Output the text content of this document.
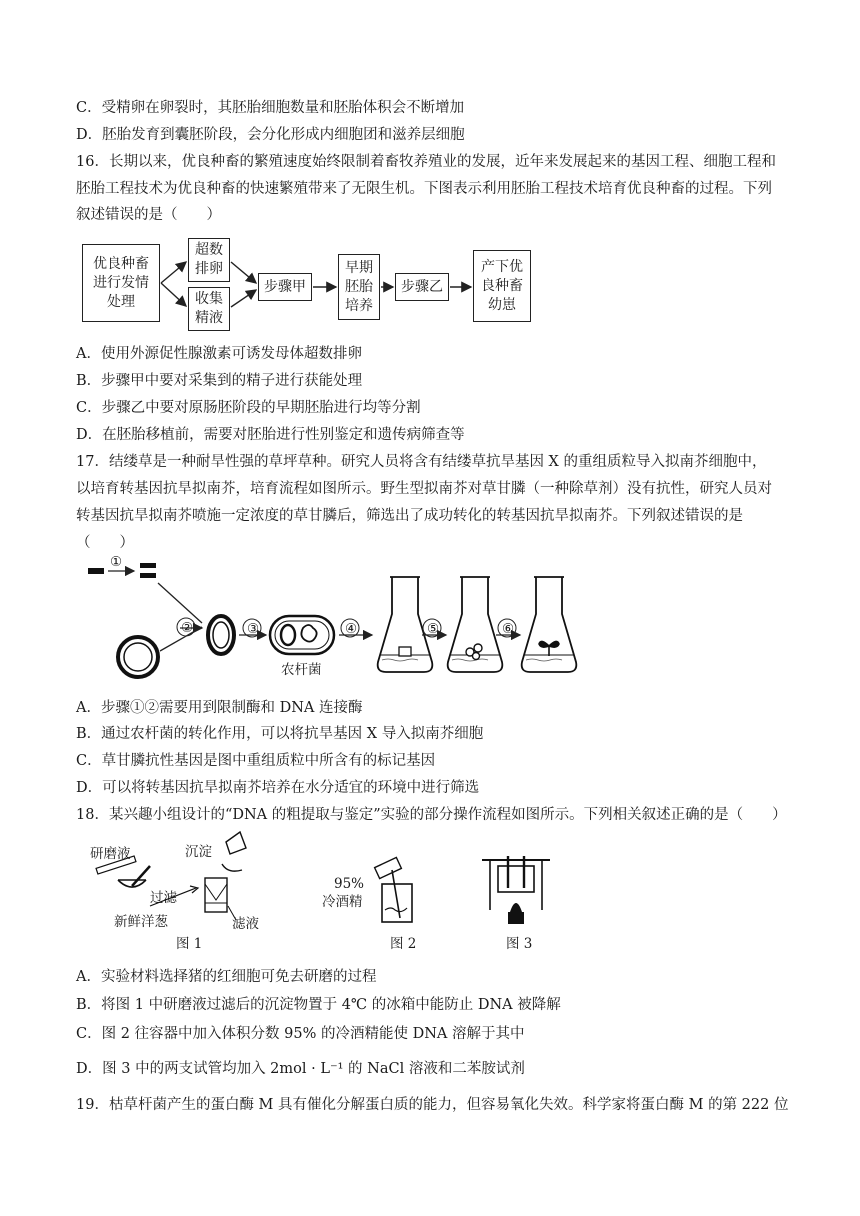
C．受精卵在卵裂时，其胚胎细胞数量和胚胎体积会不断增加
D．胚胎发育到囊胚阶段，会分化形成内细胞团和滋养层细胞
16．长期以来，优良种畜的繁殖速度始终限制着畜牧养殖业的发展，近年来发展起来的基因工程、细胞工程和
胚胎工程技术为优良种畜的快速繁殖带来了无限生机。下图表示利用胚胎工程技术培育优良种畜的过程。下列
叙述错误的是（　　）
优良种畜
进行发情
处理
超数
排卵
收集
精液
步骤甲
早期
胚胎
培养
步骤乙
产下优
良种畜
幼崽
A．使用外源促性腺激素可诱发母体超数排卵
B．步骤甲中要对采集到的精子进行获能处理
C．步骤乙中要对原肠胚阶段的早期胚胎进行均等分割
D．在胚胎移植前，需要对胚胎进行性别鉴定和遗传病筛查等
17．结缕草是一种耐旱性强的草坪草种。研究人员将含有结缕草抗旱基因 X 的重组质粒导入拟南芥细胞中，
以培育转基因抗旱拟南芥，培育流程如图所示。野生型拟南芥对草甘膦（一种除草剂）没有抗性，研究人员对
转基因抗旱拟南芥喷施一定浓度的草甘膦后，筛选出了成功转化的转基因抗旱拟南芥。下列叙述错误的是
（　　）
①
②	③
农杆菌
④	⑤	⑥
A．步骤①②需要用到限制酶和 DNA 连接酶
B．通过农杆菌的转化作用，可以将抗旱基因 X 导入拟南芥细胞
C．草甘膦抗性基因是图中重组质粒中所含有的标记基因
D．可以将转基因抗旱拟南芥培养在水分适宜的环境中进行筛选
18．某兴趣小组设计的“DNA 的粗提取与鉴定”实验的部分操作流程如图所示。下列相关叙述正确的是（　　）
研磨液
过滤
新鲜洋葱
沉淀
滤液
图 1
95%
冷酒精
图 2	图 3
A．实验材料选择猪的红细胞可免去研磨的过程
B．将图 1 中研磨液过滤后的沉淀物置于 4℃ 的冰箱中能防止 DNA 被降解
C．图 2 往容器中加入体积分数 95% 的冷酒精能使 DNA 溶解于其中
D．图 3 中的两支试管均加入 2mol · L⁻¹ 的 NaCl 溶液和二苯胺试剂
19．枯草杆菌产生的蛋白酶 M 具有催化分解蛋白质的能力，但容易氧化失效。科学家将蛋白酶 M 的第 222 位
